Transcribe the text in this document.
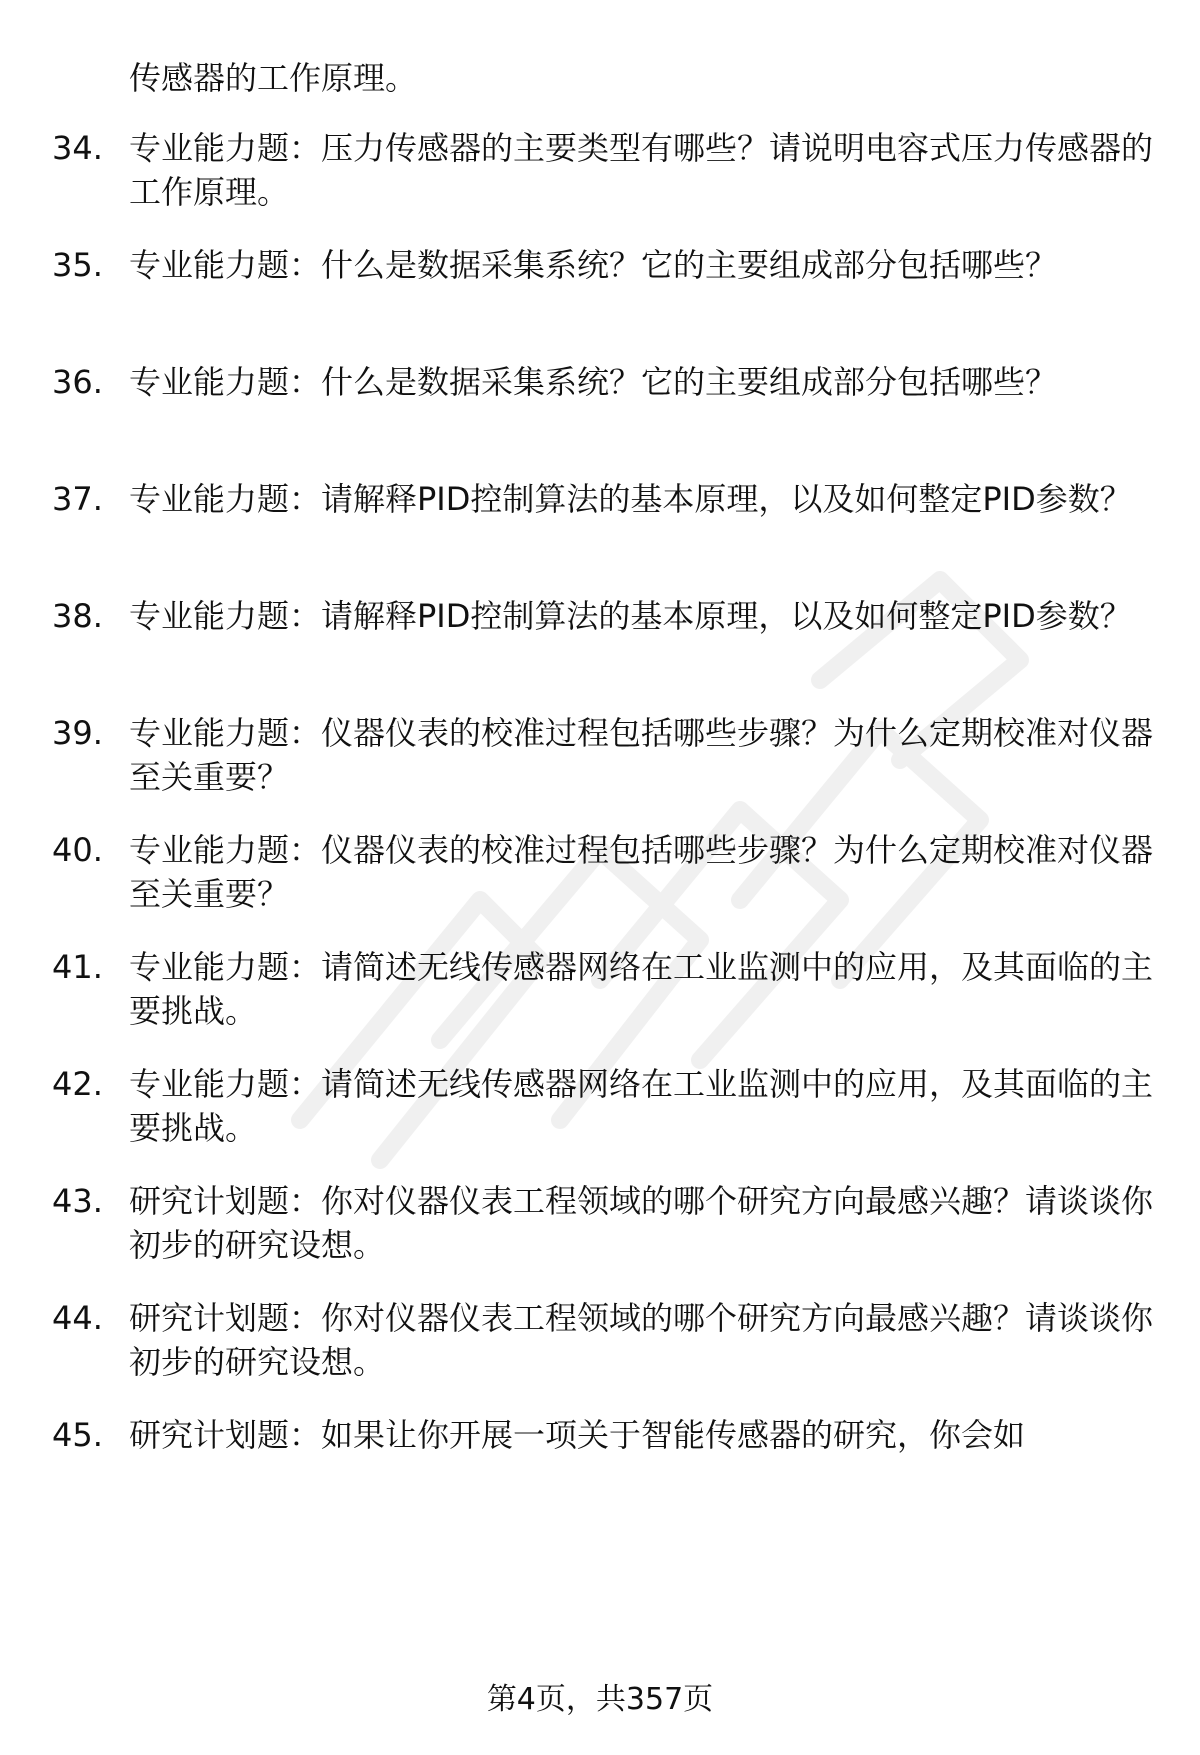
传感器的工作原理。
34. 专业能力题：压力传感器的主要类型有哪些？请说明电容式压力传感器的工作原理。
35. 专业能力题：什么是数据采集系统？它的主要组成部分包括哪些？
36. 专业能力题：什么是数据采集系统？它的主要组成部分包括哪些？
37. 专业能力题：请解释PID控制算法的基本原理，以及如何整定PID参数？
38. 专业能力题：请解释PID控制算法的基本原理，以及如何整定PID参数？
39. 专业能力题：仪器仪表的校准过程包括哪些步骤？为什么定期校准对仪器至关重要？
40. 专业能力题：仪器仪表的校准过程包括哪些步骤？为什么定期校准对仪器至关重要？
41. 专业能力题：请简述无线传感器网络在工业监测中的应用，及其面临的主要挑战。
42. 专业能力题：请简述无线传感器网络在工业监测中的应用，及其面临的主要挑战。
43. 研究计划题：你对仪器仪表工程领域的哪个研究方向最感兴趣？请谈谈你初步的研究设想。
44. 研究计划题：你对仪器仪表工程领域的哪个研究方向最感兴趣？请谈谈你初步的研究设想。
45. 研究计划题：如果让你开展一项关于智能传感器的研究，你会如
第4页，共357页
